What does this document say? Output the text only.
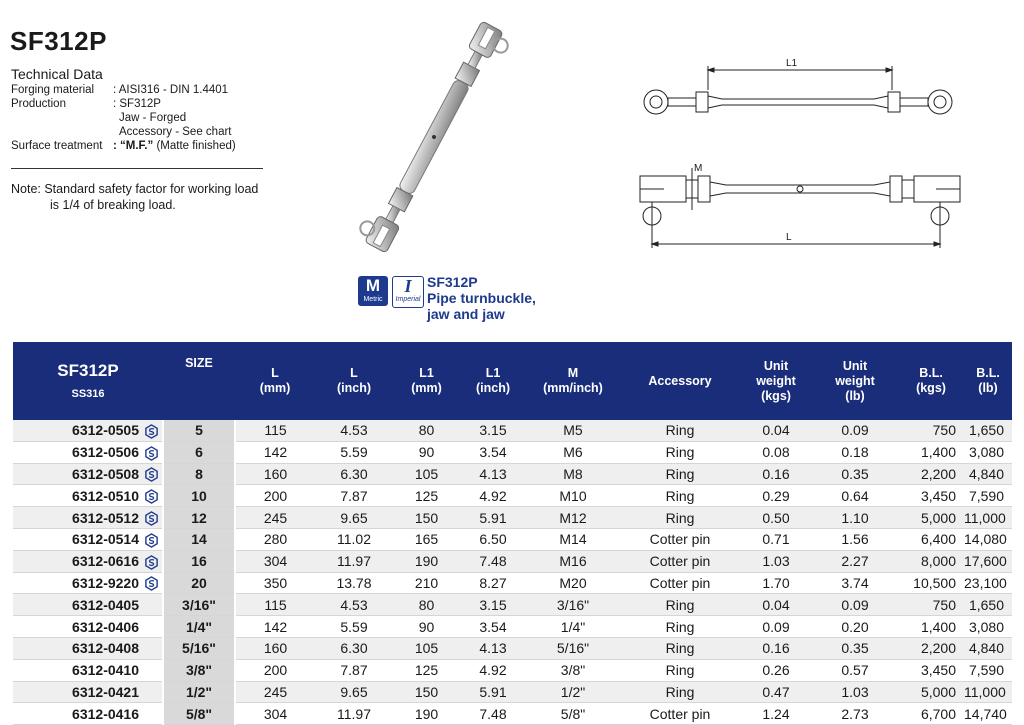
SF312P
Technical Data
Forging material : AISI316 - DIN 1.4401
Production	: SF312P
Jaw - Forged
Accessory - See chart
Surface treatment : “M.F.” (Matte finished)
Note: Standard safety factor for working load
is 1/4 of breaking load.
L1
M
L
M
Metric
I
Imperial
SF312P
Pipe turnbuckle,
jaw and jaw
SF312P
SS316		SIZE	L
(mm)	L
(inch)	L1
(mm)	L1
(inch)	M
(mm/inch)	Accessory	Unit
weight
(kgs)	Unit
weight
(lb)	B.L.
(kgs)	B.L.
(lb)
6312-0505		5	115	4.53	80	3.15	M5	Ring	0.04	0.09	750	1,650
6312-0506		6	142	5.59	90	3.54	M6	Ring	0.08	0.18	1,400	3,080
6312-0508		8	160	6.30	105	4.13	M8	Ring	0.16	0.35	2,200	4,840
6312-0510		10	200	7.87	125	4.92	M10	Ring	0.29	0.64	3,450	7,590
6312-0512		12	245	9.65	150	5.91	M12	Ring	0.50	1.10	5,000	11,000
6312-0514		14	280	11.02	165	6.50	M14	Cotter pin	0.71	1.56	6,400	14,080
6312-0616		16	304	11.97	190	7.48	M16	Cotter pin	1.03	2.27	8,000	17,600
6312-9220		20	350	13.78	210	8.27	M20	Cotter pin	1.70	3.74	10,500	23,100
6312-0405		3/16"	115	4.53	80	3.15	3/16"	Ring	0.04	0.09	750	1,650
6312-0406		1/4"	142	5.59	90	3.54	1/4"	Ring	0.09	0.20	1,400	3,080
6312-0408		5/16"	160	6.30	105	4.13	5/16"	Ring	0.16	0.35	2,200	4,840
6312-0410		3/8"	200	7.87	125	4.92	3/8"	Ring	0.26	0.57	3,450	7,590
6312-0421		1/2"	245	9.65	150	5.91	1/2"	Ring	0.47	1.03	5,000	11,000
6312-0416		5/8"	304	11.97	190	7.48	5/8"	Cotter pin	1.24	2.73	6,700	14,740
